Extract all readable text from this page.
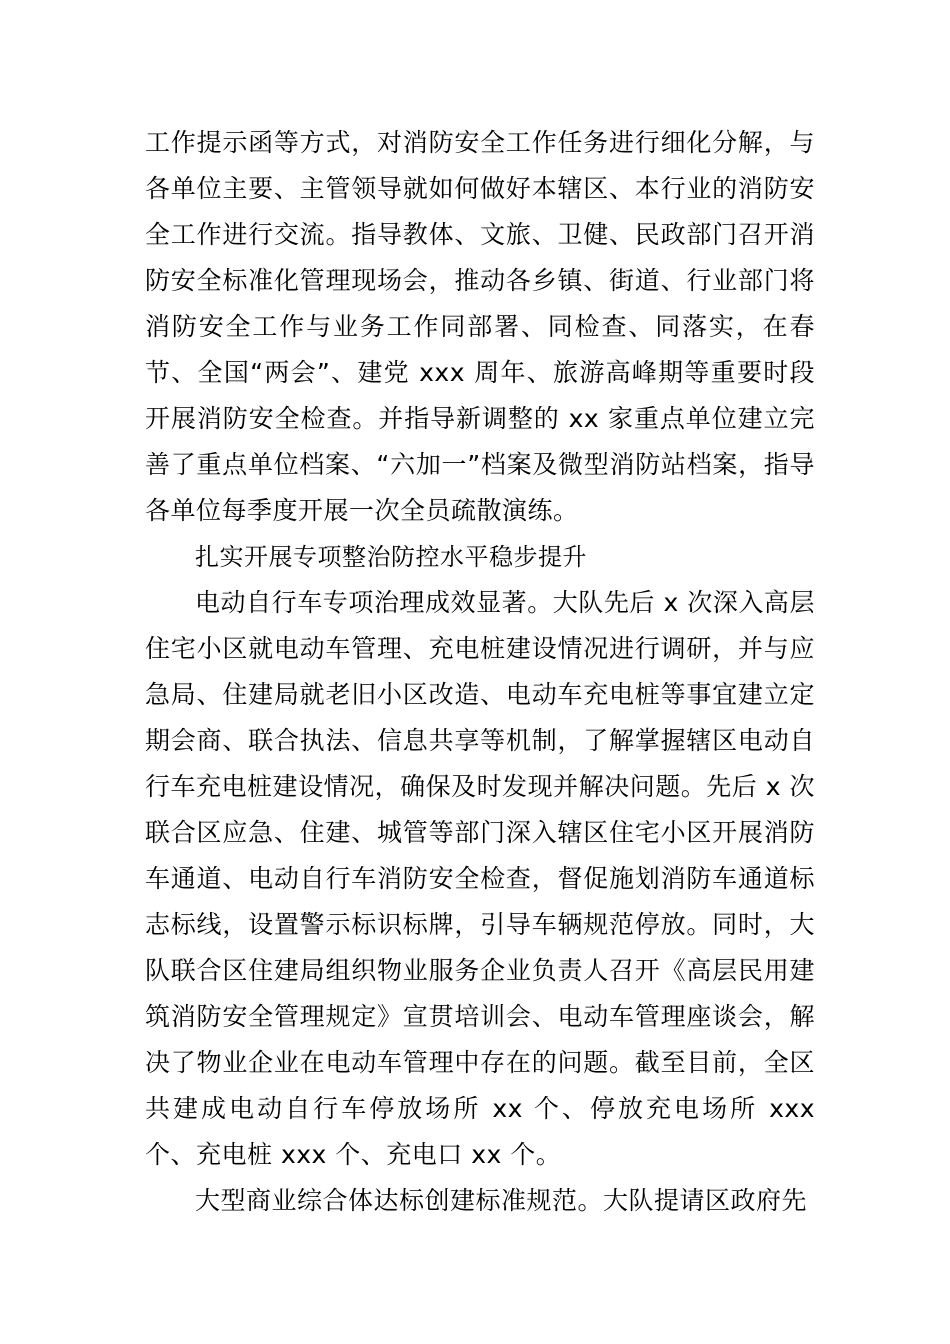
工作提示函等方式，对消防安全工作任务进行细化分解，与各单位主要、主管领导就如何做好本辖区、本行业的消防安全工作进行交流。指导教体、文旅、卫健、民政部门召开消 防安全标准化管理现场会，推动各乡镇、街道、行业部门将消防安全工作与业务工作同部署、同检查、同落实，在春节、全国“两会”、建党 xxx 周年、旅游高峰期等重要时段开展消防安全检查。并指导新调整的 xx 家重点单位建立完善了重点单位档案、“六加一”档案及微型消防站档案，指导各单位每季度开展一次全员疏散演练。

扎实开展专项整治防控水平稳步提升

电动自行车专项治理成效显著。大队先后 x 次深入高层住宅小区就电动车管理、充电桩建设情况进行调研，并与应急局、住建局就老旧小区改造、电动车充电桩等事宜建立定期会商、联合执法、信息共享等机制，了解掌握辖区电动自行车充电桩建设情况，确保及时发现并解决问题。先后 x 次联合区应急、住建、城管等部门深入辖区住宅小区开展消防车通道、电动自行车消防安全检查，督促施划消防车通道标志标线，设置警示标识标牌，引导车辆规范停放。同时，大队联合区住建局组织物业服务企业负责人召开《高层民用建筑消防安全管理规定》宣贯培训会、电动车管理座谈会，解决了物业企业在电动车管理中存在的问题。截至目前，全区共建成电动自行车停放场所 xx 个、停放充电场所 xxx 个、充电桩 xxx 个、充电口 xx 个。

大型商业综合体达标创建标准规范。大队提请区政府先
